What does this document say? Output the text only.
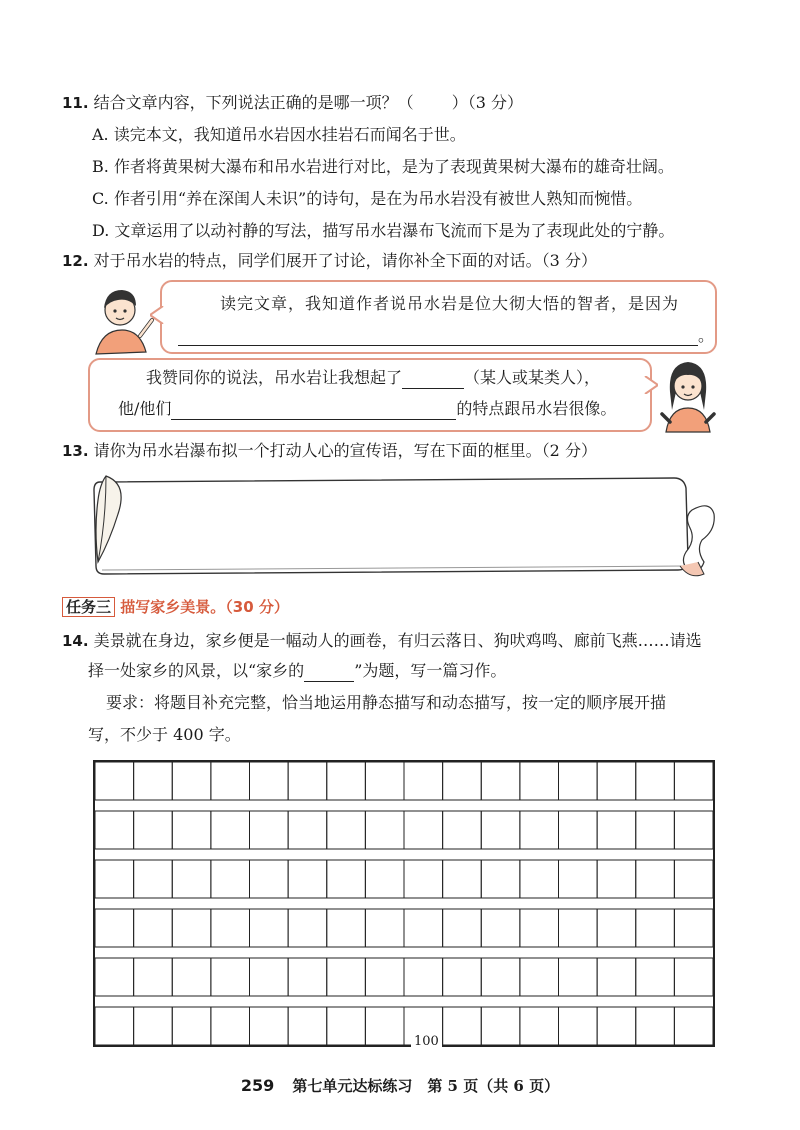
11. 结合文章内容，下列说法正确的是哪一项？（ ）（3 分）
A. 读完本文，我知道吊水岩因水挂岩石而闻名于世。
B. 作者将黄果树大瀑布和吊水岩进行对比，是为了表现黄果树大瀑布的雄奇壮阔。
C. 作者引用“养在深闺人未识”的诗句，是在为吊水岩没有被世人熟知而惋惜。
D. 文章运用了以动衬静的写法，描写吊水岩瀑布飞流而下是为了表现此处的宁静。
12. 对于吊水岩的特点，同学们展开了讨论，请你补全下面的对话。（3 分）
读完文章，我知道作者说吊水岩是位大彻大悟的智者，是因为
。
我赞同你的说法，吊水岩让我想起了	（某人或某类人），
他/他们	的特点跟吊水岩很像。
13. 请你为吊水岩瀑布拟一个打动人心的宣传语，写在下面的框里。（2 分）
任务三 描写家乡美景。（30 分）
14. 美景就在身边，家乡便是一幅动人的画卷，有归云落日、狗吠鸡鸣、廊前飞燕……请选
择一处家乡的风景，以“家乡的	”为题，写一篇习作。
要求：将题目补充完整，恰当地运用静态描写和动态描写，按一定的顺序展开描
写，不少于 400 字。
100
259 第七单元达标练习　第 5 页（共 6 页）
